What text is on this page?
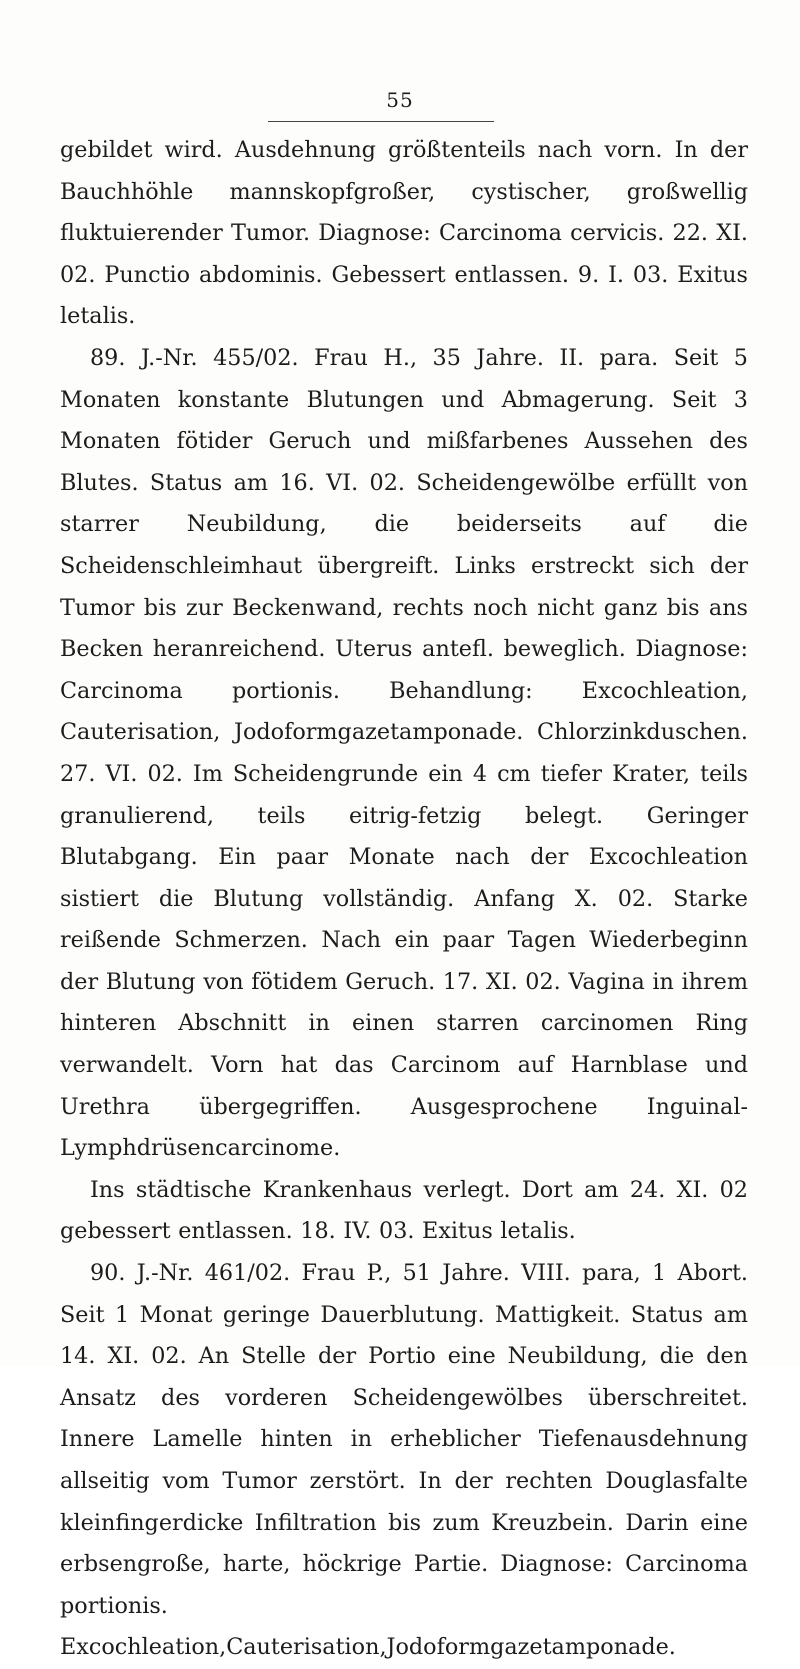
55

gebildet wird. Ausdehnung größtenteils nach vorn. In der Bauchhöhle mannskopfgroßer, cystischer, großwellig fluktuierender Tumor. Diagnose: Carcinoma cervicis. 22. XI. 02. Punctio abdominis. Gebessert entlassen. 9. I. 03. Exitus letalis.

89. J.-Nr. 455/02. Frau H., 35 Jahre. II. para. Seit 5 Monaten konstante Blutungen und Abmagerung. Seit 3 Monaten fötider Geruch und mißfarbenes Aussehen des Blutes. Status am 16. VI. 02. Scheidengewölbe erfüllt von starrer Neubildung, die beiderseits auf die Scheidenschleimhaut übergreift. Links erstreckt sich der Tumor bis zur Beckenwand, rechts noch nicht ganz bis ans Becken heranreichend. Uterus antefl. beweglich. Diagnose: Carcinoma portionis. Behandlung: Excochleation, Cauterisation, Jodoformgazetamponade. Chlorzinkduschen. 27. VI. 02. Im Scheidengrunde ein 4 cm tiefer Krater, teils granulierend, teils eitrig-fetzig belegt. Geringer Blutabgang. Ein paar Monate nach der Excochleation sistiert die Blutung vollständig. Anfang X. 02. Starke reißende Schmerzen. Nach ein paar Tagen Wiederbeginn der Blutung von fötidem Geruch. 17. XI. 02. Vagina in ihrem hinteren Abschnitt in einen starren carcinomen Ring verwandelt. Vorn hat das Carcinom auf Harnblase und Urethra übergegriffen. Ausgesprochene Inguinal-Lymphdrüsencarcinome.

Ins städtische Krankenhaus verlegt. Dort am 24. XI. 02 gebessert entlassen. 18. IV. 03. Exitus letalis.

90. J.-Nr. 461/02. Frau P., 51 Jahre. VIII. para, 1 Abort. Seit 1 Monat geringe Dauerblutung. Mattigkeit. Status am 14. XI. 02. An Stelle der Portio eine Neubildung, die den Ansatz des vorderen Scheidengewölbes überschreitet. Innere Lamelle hinten in erheblicher Tiefenausdehnung allseitig vom Tumor zerstört. In der rechten Douglasfalte kleinfingerdicke Infiltration bis zum Kreuzbein. Darin eine erbsengroße, harte, höckrige Partie. Diagnose: Carcinoma portionis. Excochleation,Cauterisation,Jodoformgazetamponade.
